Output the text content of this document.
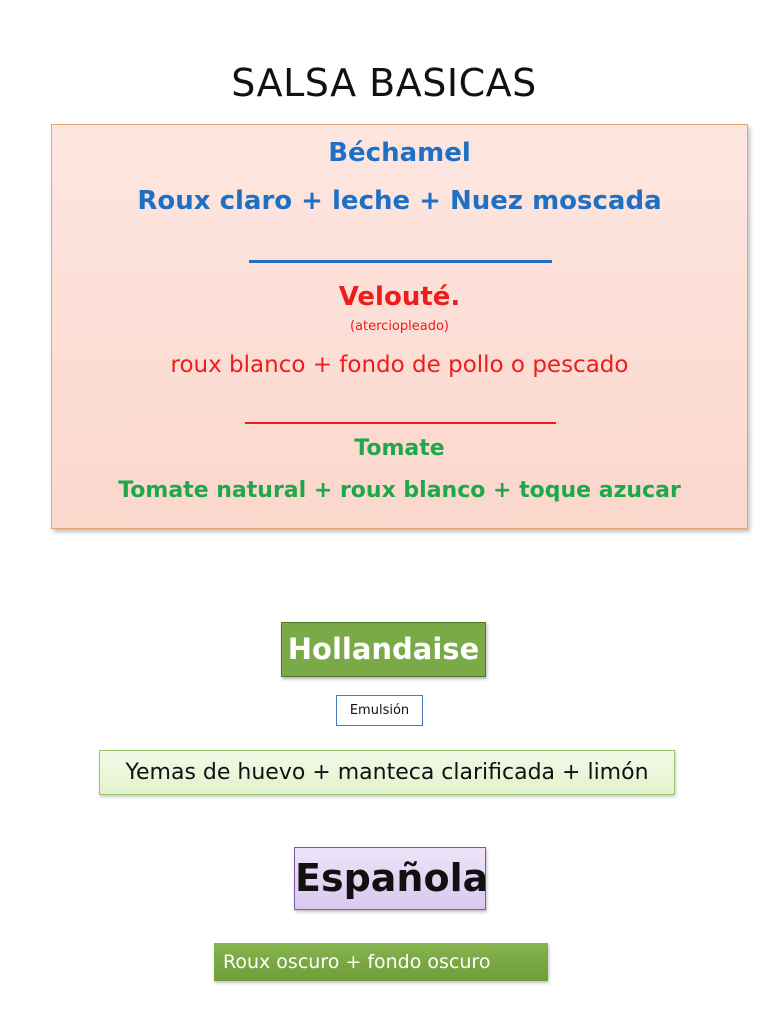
SALSA BASICAS
Béchamel
Roux claro + leche + Nuez moscada
Velouté.
(aterciopleado)
roux blanco + fondo de pollo o pescado
Tomate
Tomate natural + roux blanco + toque azucar
Hollandaise
Emulsión
Yemas de huevo + manteca clarificada + limón
Española
Roux oscuro + fondo oscuro
